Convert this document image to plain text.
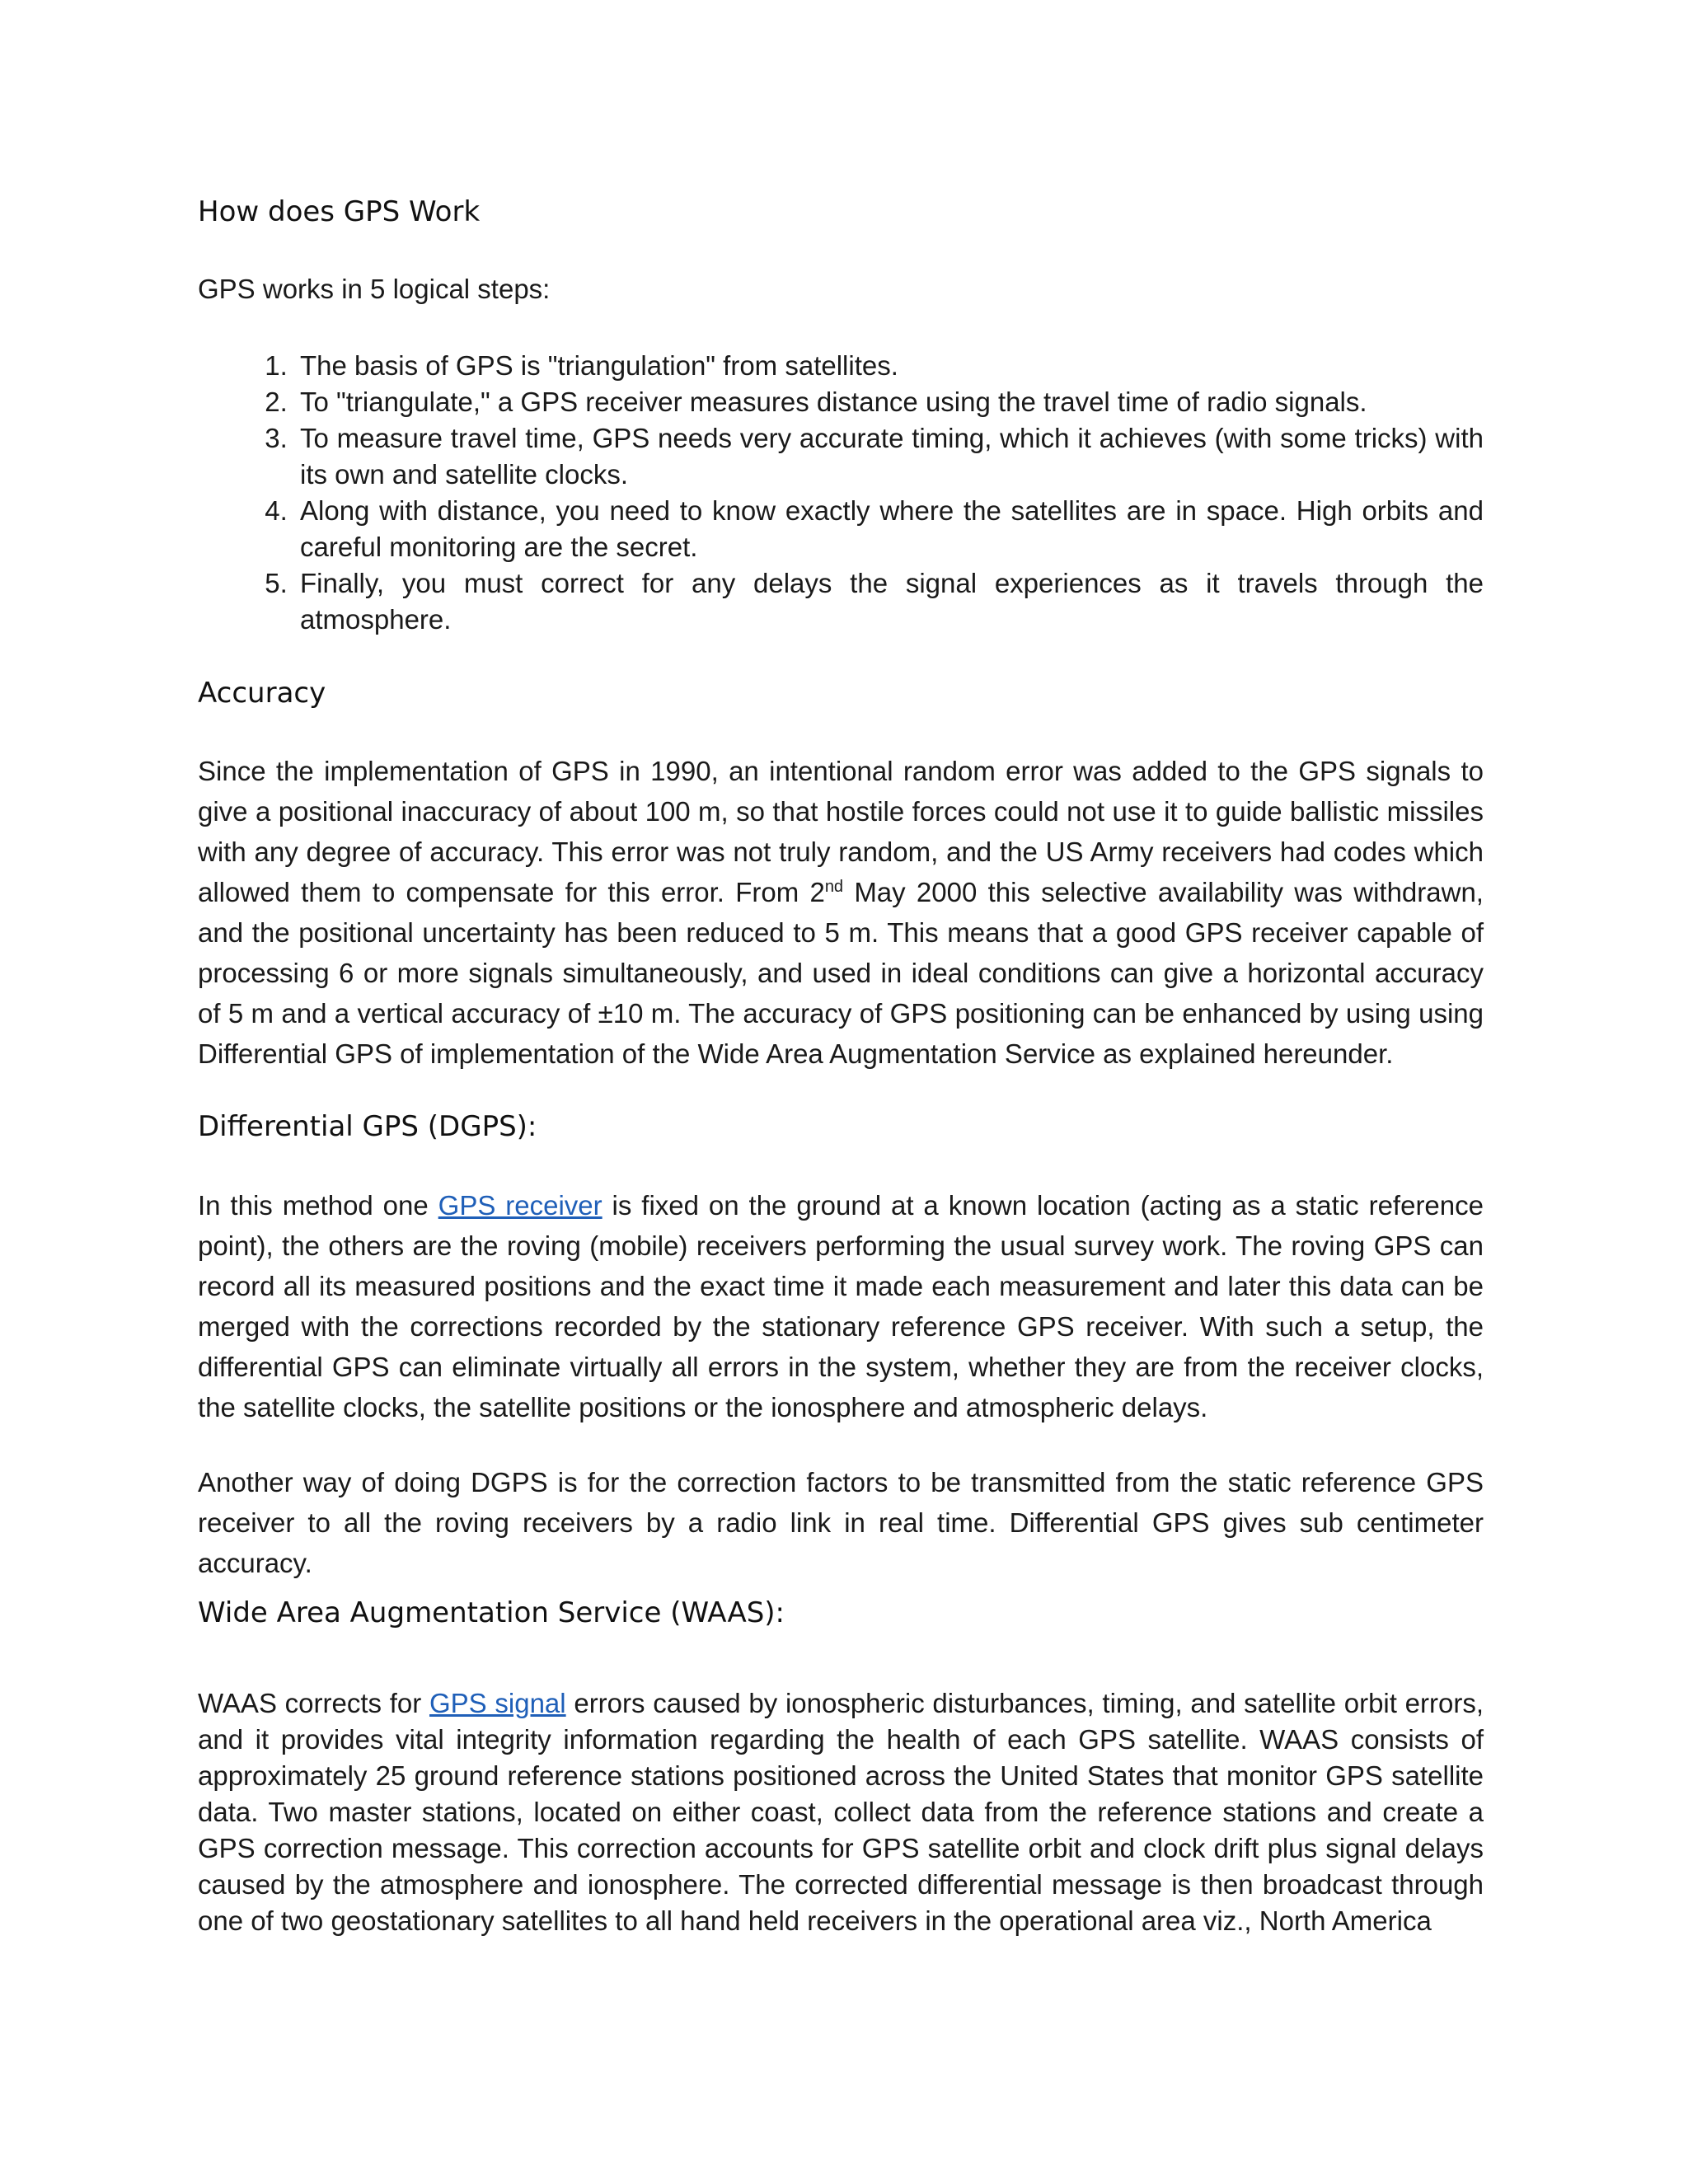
How does GPS Work

GPS works in 5 logical steps:

1. The basis of GPS is "triangulation" from satellites.
2. To "triangulate," a GPS receiver measures distance using the travel time of radio signals.
3. To measure travel time, GPS needs very accurate timing, which it achieves (with some tricks) with its own and satellite clocks.
4. Along with distance, you need to know exactly where the satellites are in space. High orbits and careful monitoring are the secret.
5. Finally, you must correct for any delays the signal experiences as it travels through the atmosphere.
Accuracy

Since the implementation of GPS in 1990, an intentional random error was added to the GPS signals to give a positional inaccuracy of about 100 m, so that hostile forces could not use it to guide ballistic missiles with any degree of accuracy. This error was not truly random, and the US Army receivers had codes which allowed them to compensate for this error. From 2nd May 2000 this selective availability was withdrawn, and the positional uncertainty has been reduced to 5 m. This means that a good GPS receiver capable of processing 6 or more signals simultaneously, and used in ideal conditions can give a horizontal accuracy of 5 m and a vertical accuracy of ±10 m. The accuracy of GPS positioning can be enhanced by using using Differential GPS of implementation of the Wide Area Augmentation Service as explained hereunder.

Differential GPS (DGPS):

In this method one GPS receiver is fixed on the ground at a known location (acting as a static reference point), the others are the roving (mobile) receivers performing the usual survey work. The roving GPS can record all its measured positions and the exact time it made each measurement and later this data can be merged with the corrections recorded by the stationary reference GPS receiver. With such a setup, the differential GPS can eliminate virtually all errors in the system, whether they are from the receiver clocks, the satellite clocks, the satellite positions or the ionosphere and atmospheric delays.

Another way of doing DGPS is for the correction factors to be transmitted from the static reference GPS receiver to all the roving receivers by a radio link in real time. Differential GPS gives sub centimeter accuracy.

Wide Area Augmentation Service (WAAS):

WAAS corrects for GPS signal errors caused by ionospheric disturbances, timing, and satellite orbit errors, and it provides vital integrity information regarding the health of each GPS satellite. WAAS consists of approximately 25 ground reference stations positioned across the United States that monitor GPS satellite data. Two master stations, located on either coast, collect data from the reference stations and create a GPS correction message. This correction accounts for GPS satellite orbit and clock drift plus signal delays caused by the atmosphere and ionosphere. The corrected differential message is then broadcast through one of two geostationary satellites to all hand held receivers in the operational area viz., North America
